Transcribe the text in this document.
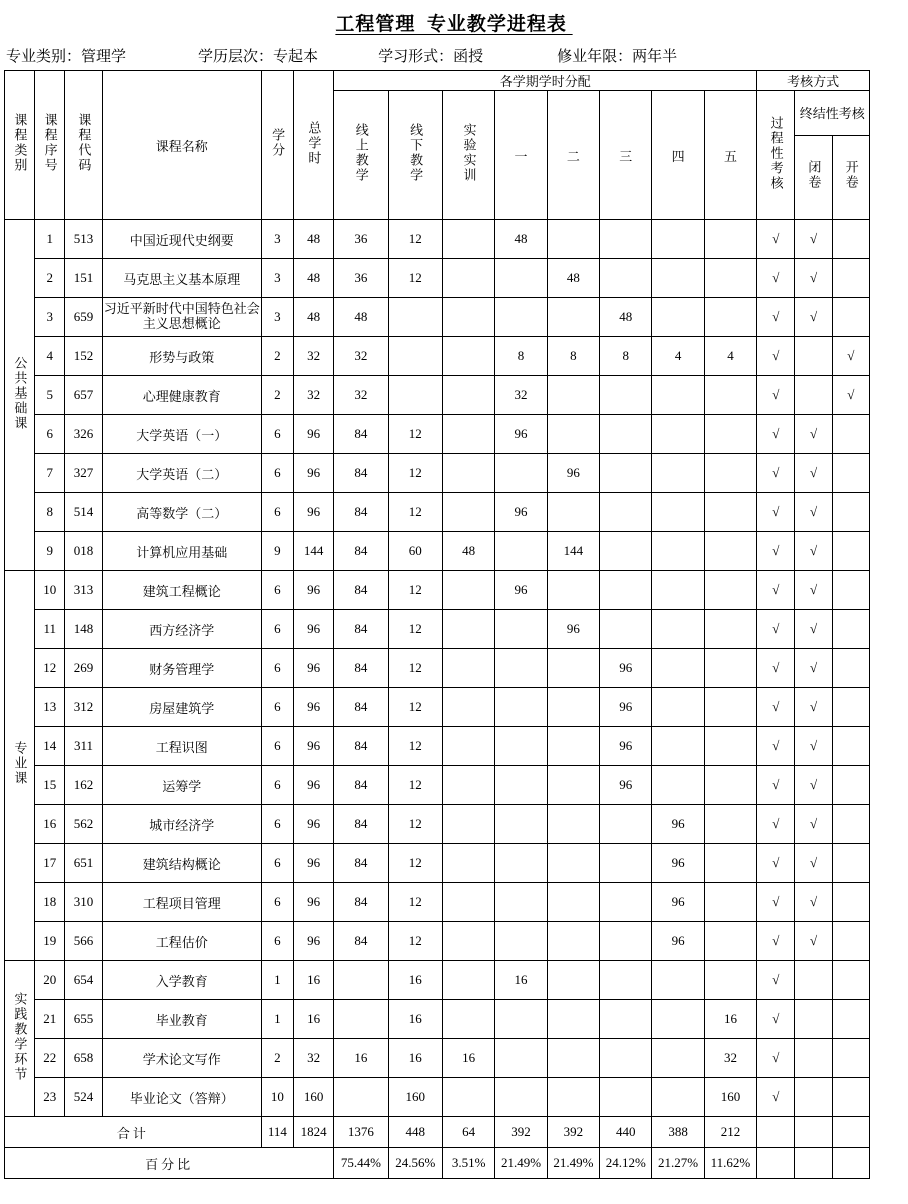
工程管理  专业教学进程表
专业类别： 管理学	学历层次： 专起本	学习形式： 函授	修业年限： 两年半
课程类别	课程序号	课程代码	课程名称	学分	总学时	各学期学时分配								考核方式		
						线上教学	线下教学	实验实训	一	二	三	四	五	过程性考核	终结性考核	
															闭卷	开卷

公共基础课	1	513	中国近现代史纲要	3	48	36	12		48					√	√	
	2	151	马克思主义基本原理	3	48	36	12			48				√	√	
	3	659	习近平新时代中国特色社会主义思想概论	3	48	48					48			√	√	
	4	152	形势与政策	2	32	32			8	8	8	4	4	√		√
	5	657	心理健康教育	2	32	32			32					√		√
	6	326	大学英语（一）	6	96	84	12		96					√	√	
	7	327	大学英语（二）	6	96	84	12			96				√	√	
	8	514	高等数学（二）	6	96	84	12		96					√	√	
	9	018	计算机应用基础	9	144	84	60	48		144				√	√	
专业课	10	313	建筑工程概论	6	96	84	12		96					√	√	
	11	148	西方经济学	6	96	84	12			96				√	√	
	12	269	财务管理学	6	96	84	12				96			√	√	
	13	312	房屋建筑学	6	96	84	12				96			√	√	
	14	311	工程识图	6	96	84	12				96			√	√	
	15	162	运筹学	6	96	84	12				96			√	√	
	16	562	城市经济学	6	96	84	12					96		√	√	
	17	651	建筑结构概论	6	96	84	12					96		√	√	
	18	310	工程项目管理	6	96	84	12					96		√	√	
	19	566	工程估价	6	96	84	12					96		√	√	
实践教学环节	20	654	入学教育	1	16		16		16					√		
	21	655	毕业教育	1	16		16						16	√		
	22	658	学术论文写作	2	32	16	16	16					32	√		
	23	524	毕业论文（答辩）	10	160		160						160	√		
合计				114	1824	1376	448	64	392	392	440	388	212			
百分比						75.44%	24.56%	3.51%	21.49%	21.49%	24.12%	21.27%	11.62%			
